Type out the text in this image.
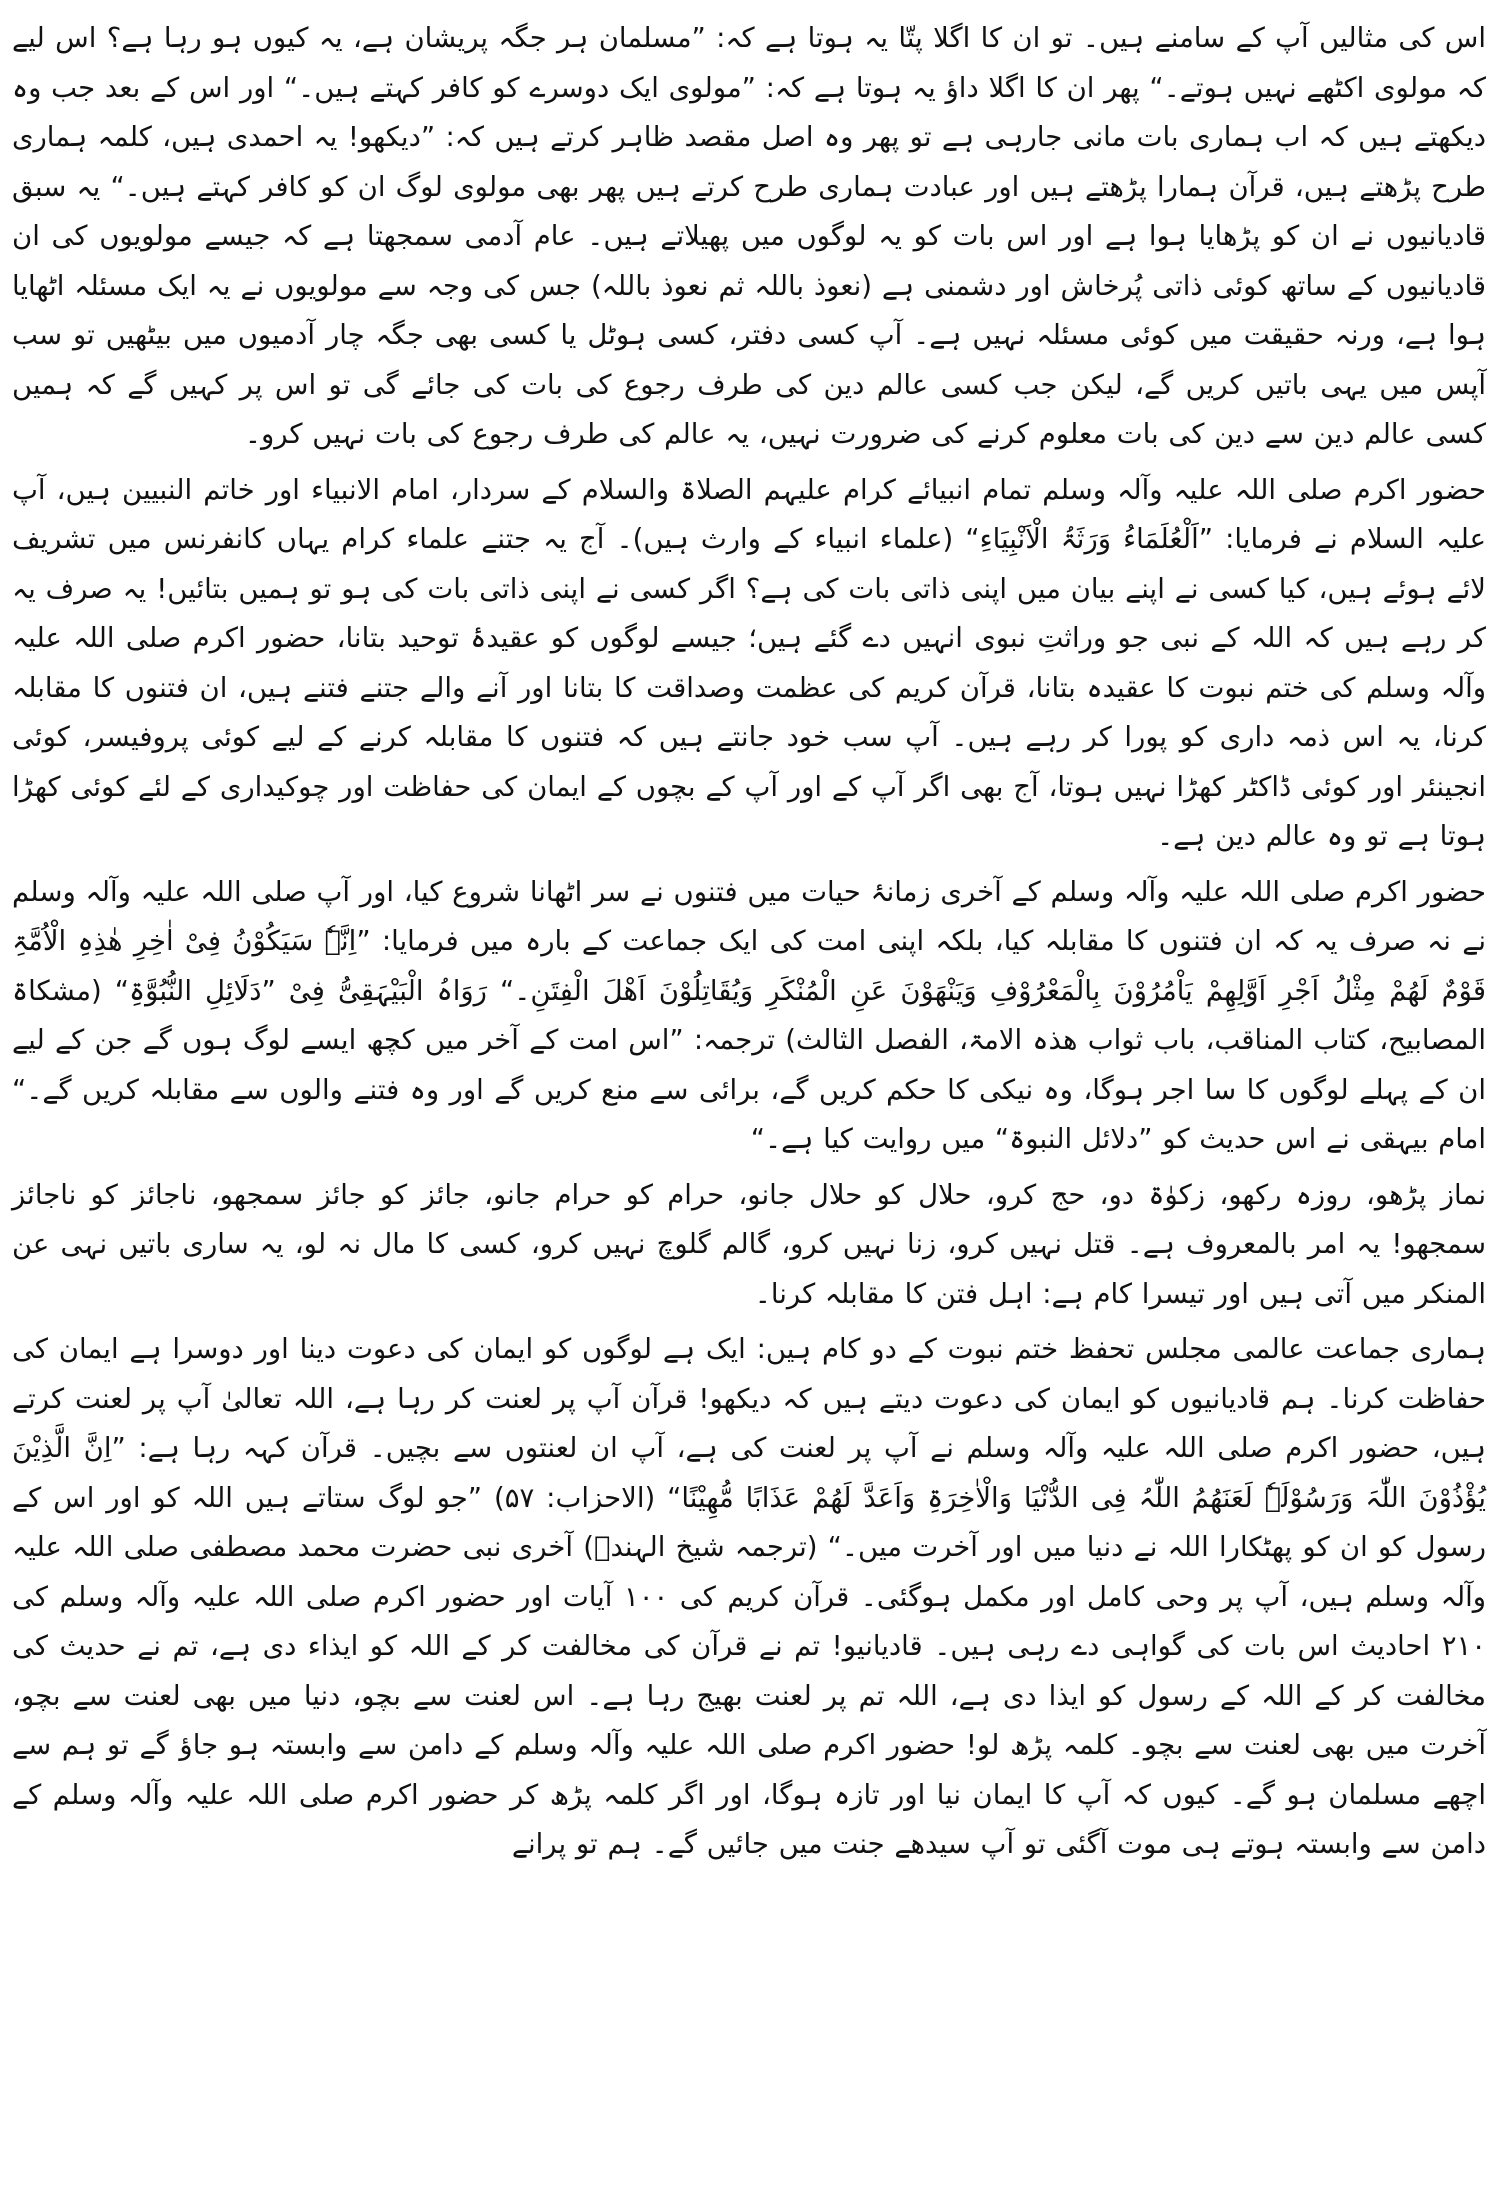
اس کی مثالیں آپ کے سامنے ہیں۔ تو ان کا اگلا پتّا یہ ہوتا ہے کہ: ”مسلمان ہر جگہ پریشان ہے، یہ کیوں ہو رہا ہے؟ اس لیے کہ مولوی اکٹھے نہیں ہوتے۔“ پھر ان کا اگلا داؤ یہ ہوتا ہے کہ: ”مولوی ایک دوسرے کو کافر کہتے ہیں۔“ اور اس کے بعد جب وہ دیکھتے ہیں کہ اب ہماری بات مانی جارہی ہے تو پھر وہ اصل مقصد ظاہر کرتے ہیں کہ: ”دیکھو! یہ احمدی ہیں، کلمہ ہماری طرح پڑھتے ہیں، قرآن ہمارا پڑھتے ہیں اور عبادت ہماری طرح کرتے ہیں پھر بھی مولوی لوگ ان کو کافر کہتے ہیں۔“ یہ سبق قادیانیوں نے ان کو پڑھایا ہوا ہے اور اس بات کو یہ لوگوں میں پھیلاتے ہیں۔ عام آدمی سمجھتا ہے کہ جیسے مولویوں کی ان قادیانیوں کے ساتھ کوئی ذاتی پُرخاش اور دشمنی ہے (نعوذ باللہ ثم نعوذ باللہ) جس کی وجہ سے مولویوں نے یہ ایک مسئلہ اٹھایا ہوا ہے، ورنہ حقیقت میں کوئی مسئلہ نہیں ہے۔ آپ کسی دفتر، کسی ہوٹل یا کسی بھی جگہ چار آدمیوں میں بیٹھیں تو سب آپس میں یہی باتیں کریں گے، لیکن جب کسی عالم دین کی طرف رجوع کی بات کی جائے گی تو اس پر کہیں گے کہ ہمیں کسی عالم دین سے دین کی بات معلوم کرنے کی ضرورت نہیں، یہ عالم کی طرف رجوع کی بات نہیں کرو۔

حضور اکرم صلی اللہ علیہ وآلہ وسلم تمام انبیائے کرام علیہم الصلاۃ والسلام کے سردار، امام الانبیاء اور خاتم النبیین ہیں، آپ علیہ السلام نے فرمایا: ”اَلْعُلَمَاءُ وَرَثَۃُ الْاَنْبِیَاءِ“ (علماء انبیاء کے وارث ہیں)۔ آج یہ جتنے علماء کرام یہاں کانفرنس میں تشریف لائے ہوئے ہیں، کیا کسی نے اپنے بیان میں اپنی ذاتی بات کی ہے؟ اگر کسی نے اپنی ذاتی بات کی ہو تو ہمیں بتائیں! یہ صرف یہ کر رہے ہیں کہ اللہ کے نبی جو وراثتِ نبوی انہیں دے گئے ہیں؛ جیسے لوگوں کو عقیدۂ توحید بتانا، حضور اکرم صلی اللہ علیہ وآلہ وسلم کی ختم نبوت کا عقیدہ بتانا، قرآن کریم کی عظمت وصداقت کا بتانا اور آنے والے جتنے فتنے ہیں، ان فتنوں کا مقابلہ کرنا، یہ اس ذمہ داری کو پورا کر رہے ہیں۔ آپ سب خود جانتے ہیں کہ فتنوں کا مقابلہ کرنے کے لیے کوئی پروفیسر، کوئی انجینئر اور کوئی ڈاکٹر کھڑا نہیں ہوتا، آج بھی اگر آپ کے اور آپ کے بچوں کے ایمان کی حفاظت اور چوکیداری کے لئے کوئی کھڑا ہوتا ہے تو وہ عالم دین ہے۔

حضور اکرم صلی اللہ علیہ وآلہ وسلم کے آخری زمانۂ حیات میں فتنوں نے سر اٹھانا شروع کیا، اور آپ صلی اللہ علیہ وآلہ وسلم نے نہ صرف یہ کہ ان فتنوں کا مقابلہ کیا، بلکہ اپنی امت کی ایک جماعت کے بارہ میں فرمایا: ”اِنَّہٗ سَیَکُوْنُ فِیْ اٰخِرِ ھٰذِہِ الْاُمَّۃِ قَوْمٌ لَھُمْ مِثْلُ اَجْرِ اَوَّلِھِمْ یَاْمُرُوْنَ بِالْمَعْرُوْفِ وَیَنْھَوْنَ عَنِ الْمُنْکَرِ وَیُقَاتِلُوْنَ اَھْلَ الْفِتَنِ۔“ رَوَاہُ الْبَیْہَقِیُّ فِیْ ”دَلَائِلِ النُّبُوَّۃِ“ (مشکاۃ المصابیح، کتاب المناقب، باب ثواب ھذہ الامۃ، الفصل الثالث) ترجمہ: ”اس امت کے آخر میں کچھ ایسے لوگ ہوں گے جن کے لیے ان کے پہلے لوگوں کا سا اجر ہوگا، وہ نیکی کا حکم کریں گے، برائی سے منع کریں گے اور وہ فتنے والوں سے مقابلہ کریں گے۔“ امام بیہقی نے اس حدیث کو ”دلائل النبوۃ“ میں روایت کیا ہے۔“

نماز پڑھو، روزہ رکھو، زکوٰۃ دو، حج کرو، حلال کو حلال جانو، حرام کو حرام جانو، جائز کو جائز سمجھو، ناجائز کو ناجائز سمجھو! یہ امر بالمعروف ہے۔ قتل نہیں کرو، زنا نہیں کرو، گالم گلوچ نہیں کرو، کسی کا مال نہ لو، یہ ساری باتیں نہی عن المنکر میں آتی ہیں اور تیسرا کام ہے: اہل فتن کا مقابلہ کرنا۔

ہماری جماعت عالمی مجلس تحفظ ختم نبوت کے دو کام ہیں: ایک ہے لوگوں کو ایمان کی دعوت دینا اور دوسرا ہے ایمان کی حفاظت کرنا۔ ہم قادیانیوں کو ایمان کی دعوت دیتے ہیں کہ دیکھو! قرآن آپ پر لعنت کر رہا ہے، اللہ تعالیٰ آپ پر لعنت کرتے ہیں، حضور اکرم صلی اللہ علیہ وآلہ وسلم نے آپ پر لعنت کی ہے، آپ ان لعنتوں سے بچیں۔ قرآن کہہ رہا ہے: ”اِنَّ الَّذِیْنَ یُؤْذُوْنَ اللّٰہَ وَرَسُوْلَہٗ لَعَنَھُمُ اللّٰہُ فِی الدُّنْیَا وَالْاٰخِرَۃِ وَاَعَدَّ لَھُمْ عَذَابًا مُّھِیْنًا“ (الاحزاب: ۵۷) ”جو لوگ ستاتے ہیں اللہ کو اور اس کے رسول کو ان کو پھٹکارا اللہ نے دنیا میں اور آخرت میں۔“ (ترجمہ شیخ الہندؒ) آخری نبی حضرت محمد مصطفی صلی اللہ علیہ وآلہ وسلم ہیں، آپ پر وحی کامل اور مکمل ہوگئی۔ قرآن کریم کی ۱۰۰ آیات اور حضور اکرم صلی اللہ علیہ وآلہ وسلم کی ۲۱۰ احادیث اس بات کی گواہی دے رہی ہیں۔ قادیانیو! تم نے قرآن کی مخالفت کر کے اللہ کو ایذاء دی ہے، تم نے حدیث کی مخالفت کر کے اللہ کے رسول کو ایذا دی ہے، اللہ تم پر لعنت بھیج رہا ہے۔ اس لعنت سے بچو، دنیا میں بھی لعنت سے بچو، آخرت میں بھی لعنت سے بچو۔ کلمہ پڑھ لو! حضور اکرم صلی اللہ علیہ وآلہ وسلم کے دامن سے وابستہ ہو جاؤ گے تو ہم سے اچھے مسلمان ہو گے۔ کیوں کہ آپ کا ایمان نیا اور تازہ ہوگا، اور اگر کلمہ پڑھ کر حضور اکرم صلی اللہ علیہ وآلہ وسلم کے دامن سے وابستہ ہوتے ہی موت آگئی تو آپ سیدھے جنت میں جائیں گے۔ ہم تو پرانے
